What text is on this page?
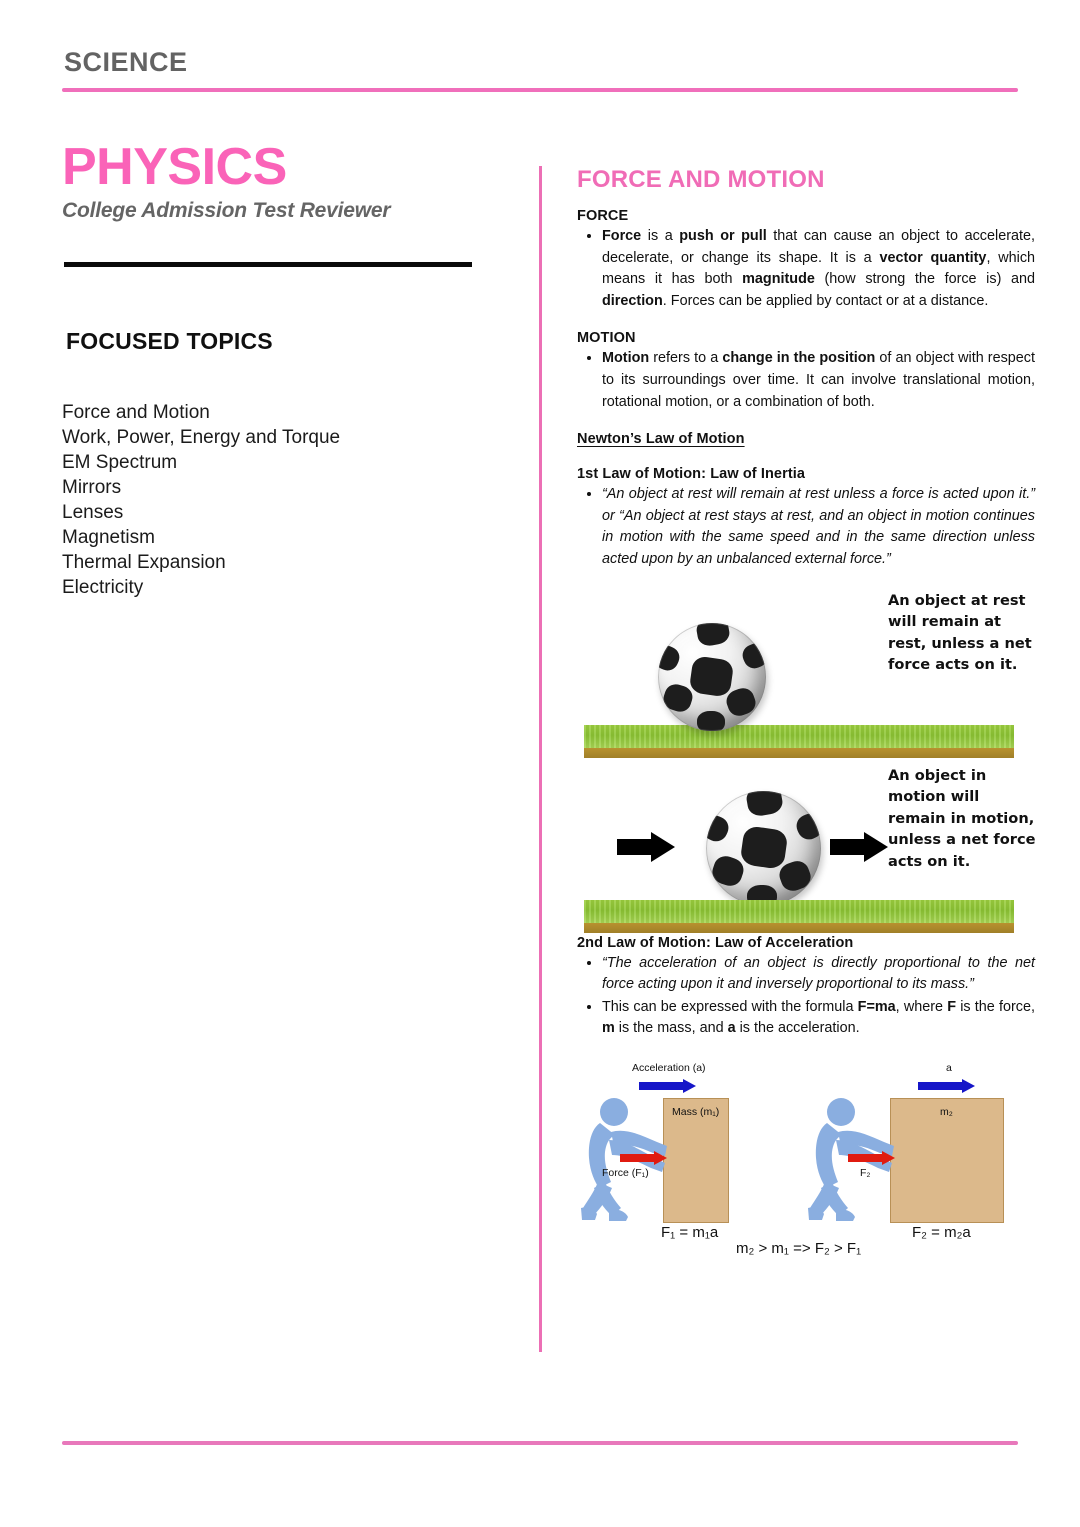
SCIENCE
PHYSICS
College Admission Test Reviewer
FOCUSED TOPICS
Force and Motion
Work, Power, Energy and Torque
EM Spectrum
Mirrors
Lenses
Magnetism
Thermal Expansion
Electricity
FORCE AND MOTION
FORCE
• Force is a push or pull that can cause an object to accelerate, decelerate, or change its shape. It is a vector quantity, which means it has both magnitude (how strong the force is) and direction. Forces can be applied by contact or at a distance.
MOTION
• Motion refers to a change in the position of an object with respect to its surroundings over time. It can involve translational motion, rotational motion, or a combination of both.
Newton’s Law of Motion
1st Law of Motion: Law of Inertia
• “An object at rest will remain at rest unless a force is acted upon it.” or “An object at rest stays at rest, and an object in motion continues in motion with the same speed and in the same direction unless acted upon by an unbalanced external force.”
An object at rest will remain at rest, unless a net force acts on it.
An object in motion will remain in motion, unless a net force acts on it.
2nd Law of Motion: Law of Acceleration
• “The acceleration of an object is directly proportional to the net force acting upon it and inversely proportional to its mass.”
• This can be expressed with the formula F=ma, where F is the force, m is the mass, and a is the acceleration.
Acceleration (a)
Mass (m₁)
Force (F₁)
F₁ = m₁a
a
m₂
F₂
F₂ = m₂a
m₂ > m₁ => F₂ > F₁
